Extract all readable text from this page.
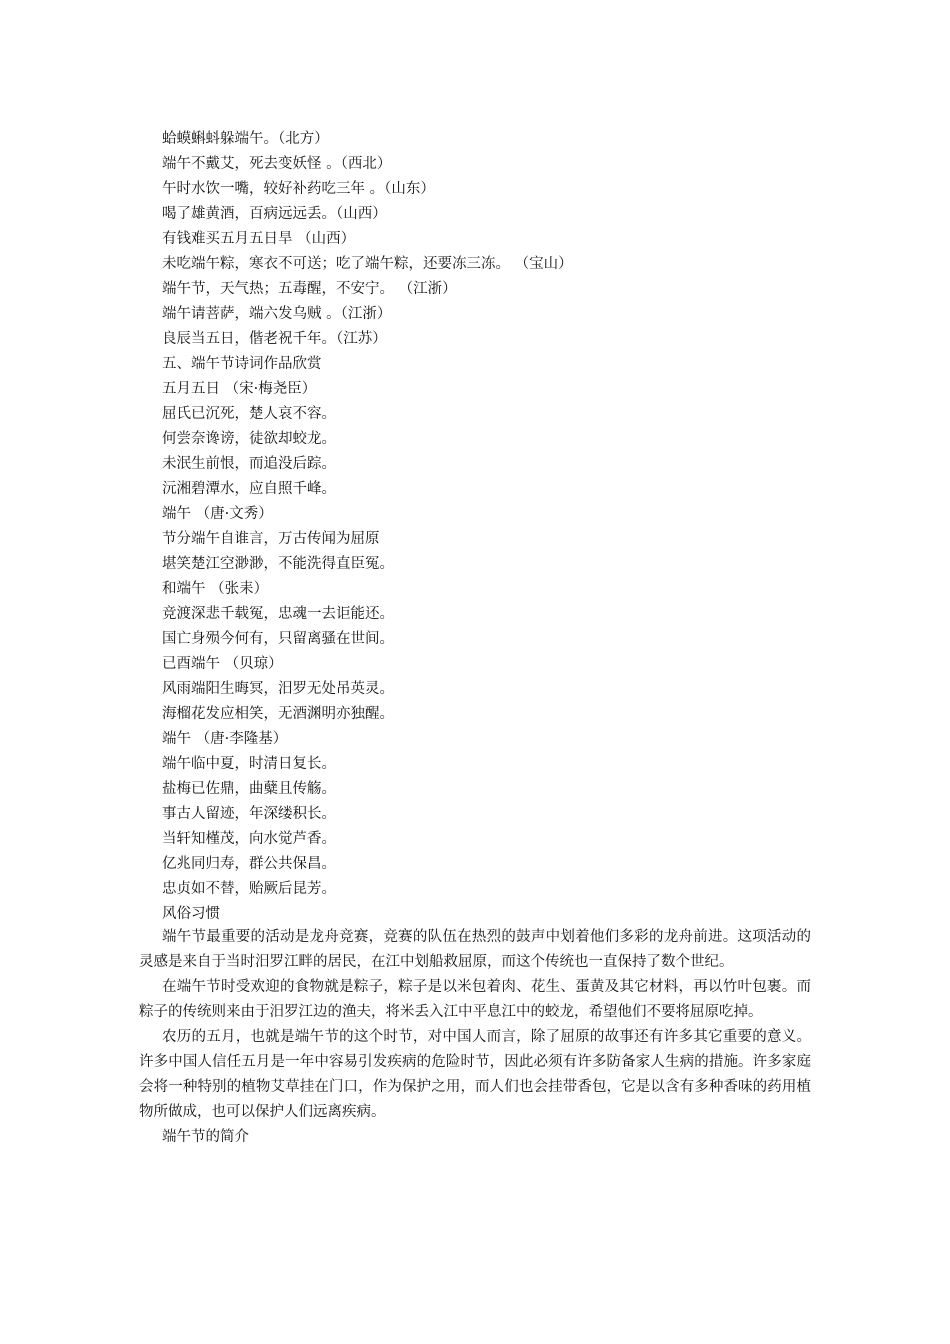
蛤蟆蝌蚪躲端午。（北方）
端午不戴艾，死去变妖怪 。（西北）
午时水饮一嘴，较好补药吃三年 。（山东）
喝了雄黄酒，百病远远丢。（山西）
有钱难买五月五日旱 （山西）
未吃端午粽，寒衣不可送；吃了端午粽，还要冻三冻。 （宝山）
端午节，天气热；五毒醒，不安宁。 （江浙）
端午请菩萨，端六发乌贼 。（江浙）
良辰当五日，偕老祝千年。（江苏）
五、端午节诗词作品欣赏
五月五日 （宋·梅尧臣）
屈氏已沉死，楚人哀不容。
何尝奈谗谤，徒欲却蛟龙。
未泯生前恨，而追没后踪。
沅湘碧潭水，应自照千峰。
端午 （唐·文秀）
节分端午自谁言，万古传闻为屈原
堪笑楚江空渺渺，不能洗得直臣冤。
和端午 （张耒）
竞渡深悲千载冤，忠魂一去讵能还。
国亡身殒今何有，只留离骚在世间。
已酉端午 （贝琼）
风雨端阳生晦冥，汨罗无处吊英灵。
海榴花发应相笑，无酒渊明亦独醒。
端午 （唐·李隆基）
端午临中夏，时清日复长。
盐梅已佐鼎，曲糵且传觞。
事古人留迹，年深缕积长。
当轩知槿茂，向水觉芦香。
亿兆同归寿，群公共保昌。
忠贞如不替，贻厥后昆芳。
风俗习惯

端午节最重要的活动是龙舟竞赛，竞赛的队伍在热烈的鼓声中划着他们多彩的龙舟前进。这项活动的灵感是来自于当时汨罗江畔的居民，在江中划船救屈原，而这个传统也一直保持了数个世纪。

在端午节时受欢迎的食物就是粽子，粽子是以米包着肉、花生、蛋黄及其它材料，再以竹叶包裹。而粽子的传统则来由于汨罗江边的渔夫，将米丢入江中平息江中的蛟龙，希望他们不要将屈原吃掉。

农历的五月，也就是端午节的这个时节，对中国人而言，除了屈原的故事还有许多其它重要的意义。许多中国人信任五月是一年中容易引发疾病的危险时节，因此必须有许多防备家人生病的措施。许多家庭会将一种特别的植物艾草挂在门口，作为保护之用，而人们也会挂带香包，它是以含有多种香味的药用植物所做成，也可以保护人们远离疾病。

端午节的简介
